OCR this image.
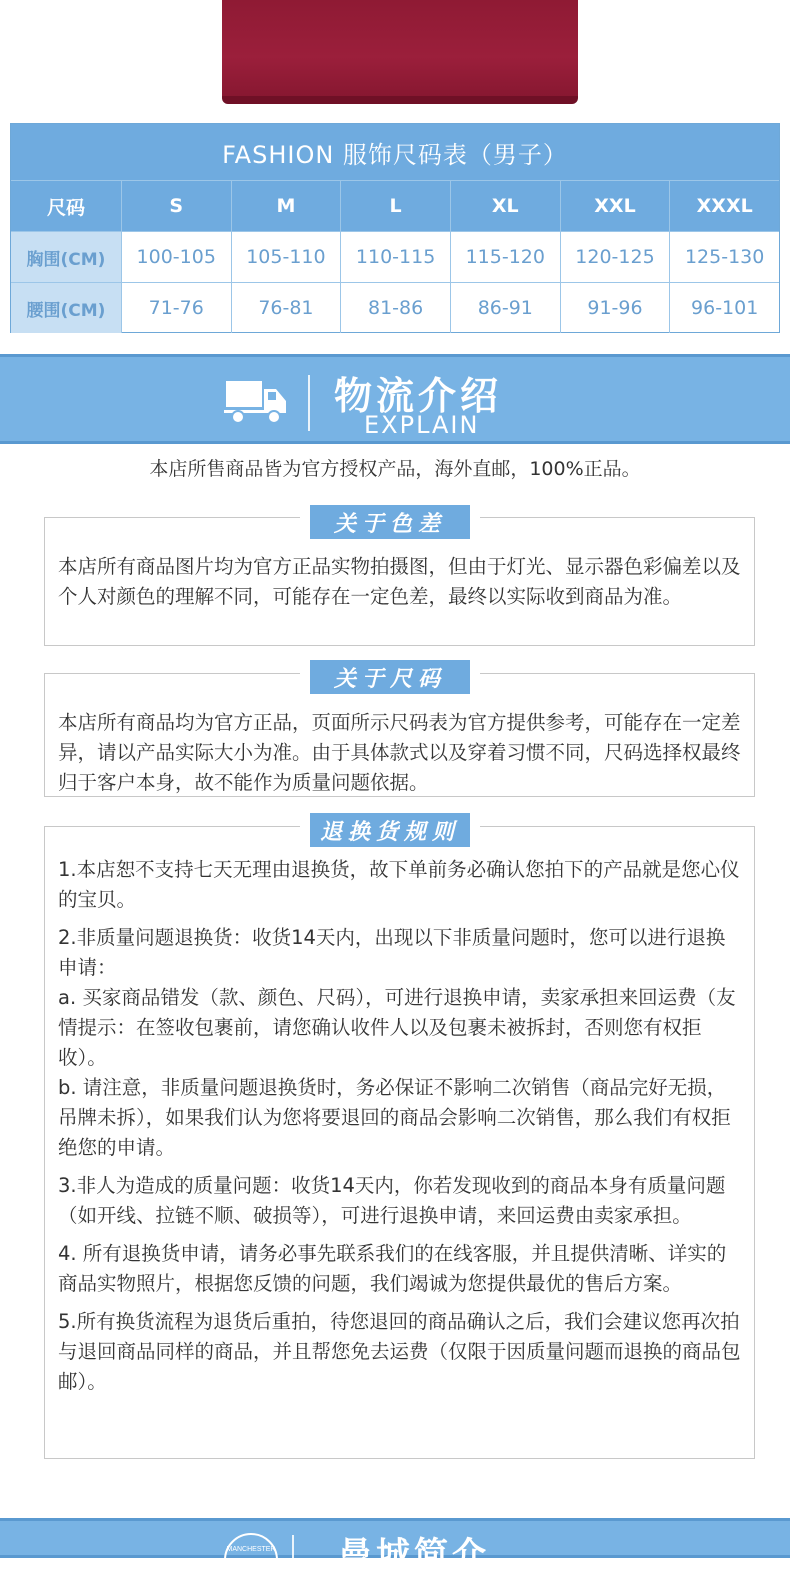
FASHION 服饰尺码表（男子）
尺码	S	M	L	XL	XXL	XXXL
胸围(CM)	100-105	105-110	110-115	115-120	120-125	125-130
腰围(CM)	71-76	76-81	81-86	86-91	91-96	96-101
物流介绍
EXPLAIN
本店所售商品皆为官方授权产品，海外直邮，100%正品。
关于色差

本店所有商品图片均为官方正品实物拍摄图，但由于灯光、显示器色彩偏差以及个人对颜色的理解不同，可能存在一定色差，最终以实际收到商品为准。

关于尺码

本店所有商品均为官方正品，页面所示尺码表为官方提供参考，可能存在一定差异，请以产品实际大小为准。由于具体款式以及穿着习惯不同，尺码选择权最终归于客户本身，故不能作为质量问题依据。

退换货规则

1.本店恕不支持七天无理由退换货，故下单前务必确认您拍下的产品就是您心仪的宝贝。

2.非质量问题退换货：收货14天内，出现以下非质量问题时，您可以进行退换申请：
a. 买家商品错发（款、颜色、尺码），可进行退换申请，卖家承担来回运费（友情提示：在签收包裹前，请您确认收件人以及包裹未被拆封，否则您有权拒收）。
b. 请注意，非质量问题退换货时，务必保证不影响二次销售（商品完好无损，吊牌未拆），如果我们认为您将要退回的商品会影响二次销售，那么我们有权拒绝您的申请。

3.非人为造成的质量问题：收货14天内，你若发现收到的商品本身有质量问题（如开线、拉链不顺、破损等），可进行退换申请，来回运费由卖家承担。

4. 所有退换货申请，请务必事先联系我们的在线客服，并且提供清晰、详实的商品实物照片，根据您反馈的问题，我们竭诚为您提供最优的售后方案。

5.所有换货流程为退货后重拍，待您退回的商品确认之后，我们会建议您再次拍与退回商品同样的商品，并且帮您免去运费（仅限于因质量问题而退换的商品包邮）。

MANCHESTER 曼城简介
